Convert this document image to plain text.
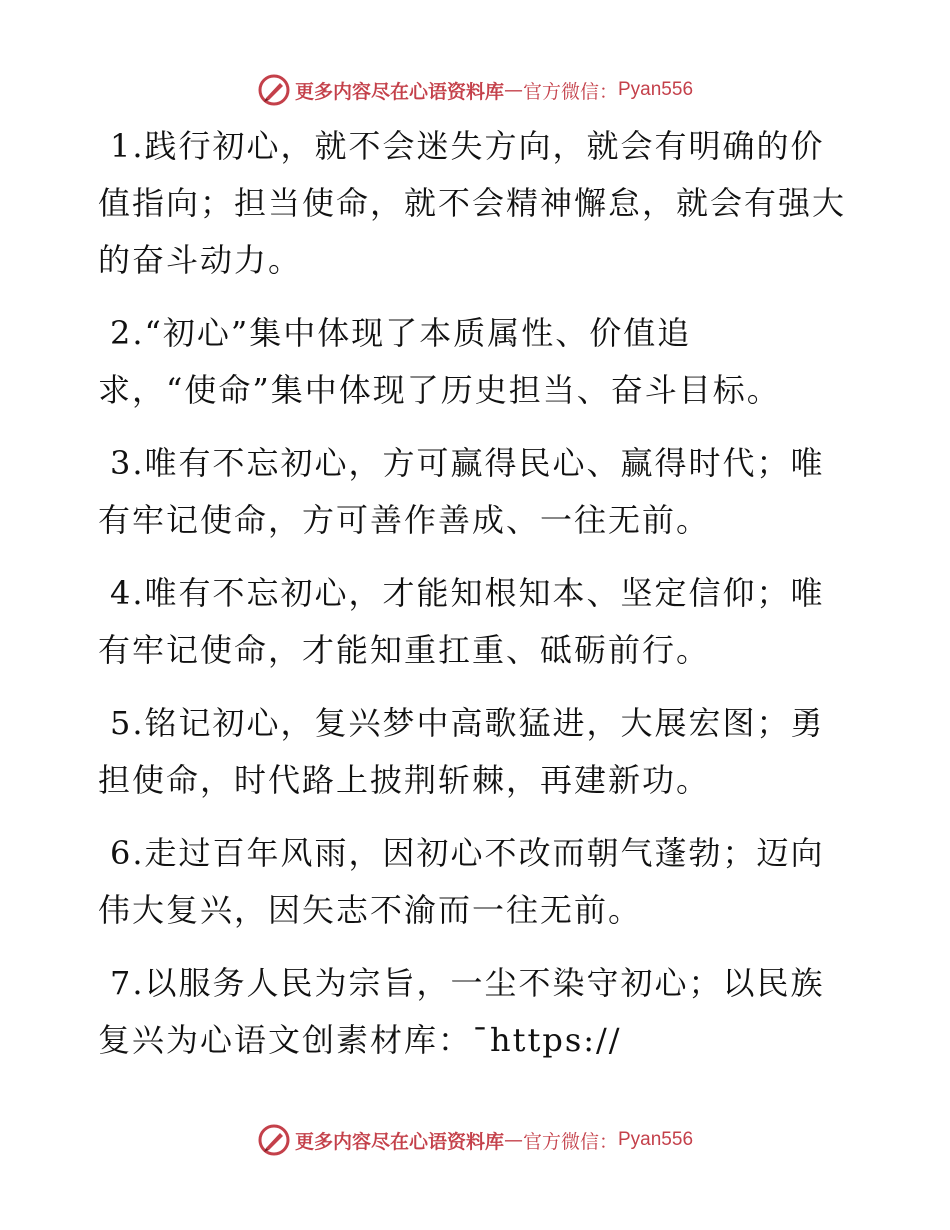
更多内容尽在心语资料库 — 官方微信： Pyan556

1.践行初心，就不会迷失方向，就会有明确的价
值指向；担当使命，就不会精神懈怠，就会有强大
的奋斗动力。

2.“初心”集中体现了本质属性、价值追
求，“使命”集中体现了历史担当、奋斗目标。

3.唯有不忘初心，方可赢得民心、赢得时代；唯
有牢记使命，方可善作善成、一往无前。

4.唯有不忘初心，才能知根知本、坚定信仰；唯
有牢记使命，才能知重扛重、砥砺前行。

5.铭记初心，复兴梦中高歌猛进，大展宏图；勇
担使命，时代路上披荆斩棘，再建新功。

6.走过百年风雨，因初心不改而朝气蓬勃；迈向
伟大复兴，因矢志不渝而一往无前。

7.以服务人民为宗旨，一尘不染守初心；以民族
复兴为心语文创素材库：¯https://

更多内容尽在心语资料库 — 官方微信： Pyan556
